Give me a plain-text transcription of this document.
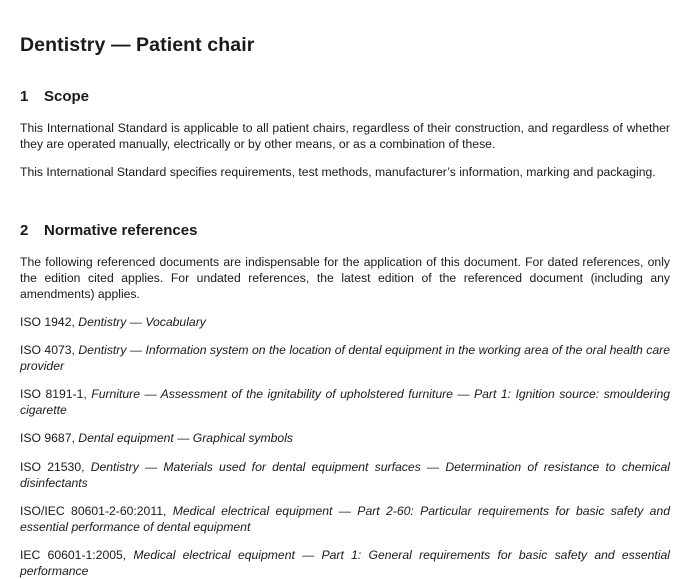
Dentistry — Patient chair
1 Scope

This International Standard is applicable to all patient chairs, regardless of their construction, and regardless of whether they are operated manually, electrically or by other means, or as a combination of these.

This International Standard specifies requirements, test methods, manufacturer’s information, marking and packaging.

2 Normative references

The following referenced documents are indispensable for the application of this document. For dated references, only the edition cited applies. For undated references, the latest edition of the referenced document (including any amendments) applies.

ISO 1942, Dentistry — Vocabulary

ISO 4073, Dentistry — Information system on the location of dental equipment in the working area of the oral health care provider

ISO 8191-1, Furniture — Assessment of the ignitability of upholstered furniture — Part 1: Ignition source: smouldering cigarette

ISO 9687, Dental equipment — Graphical symbols

ISO 21530, Dentistry — Materials used for dental equipment surfaces — Determination of resistance to chemical disinfectants

ISO/IEC 80601-2-60:2011, Medical electrical equipment — Part 2-60: Particular requirements for basic safety and essential performance of dental equipment

IEC 60601-1:2005, Medical electrical equipment — Part 1: General requirements for basic safety and essential performance
